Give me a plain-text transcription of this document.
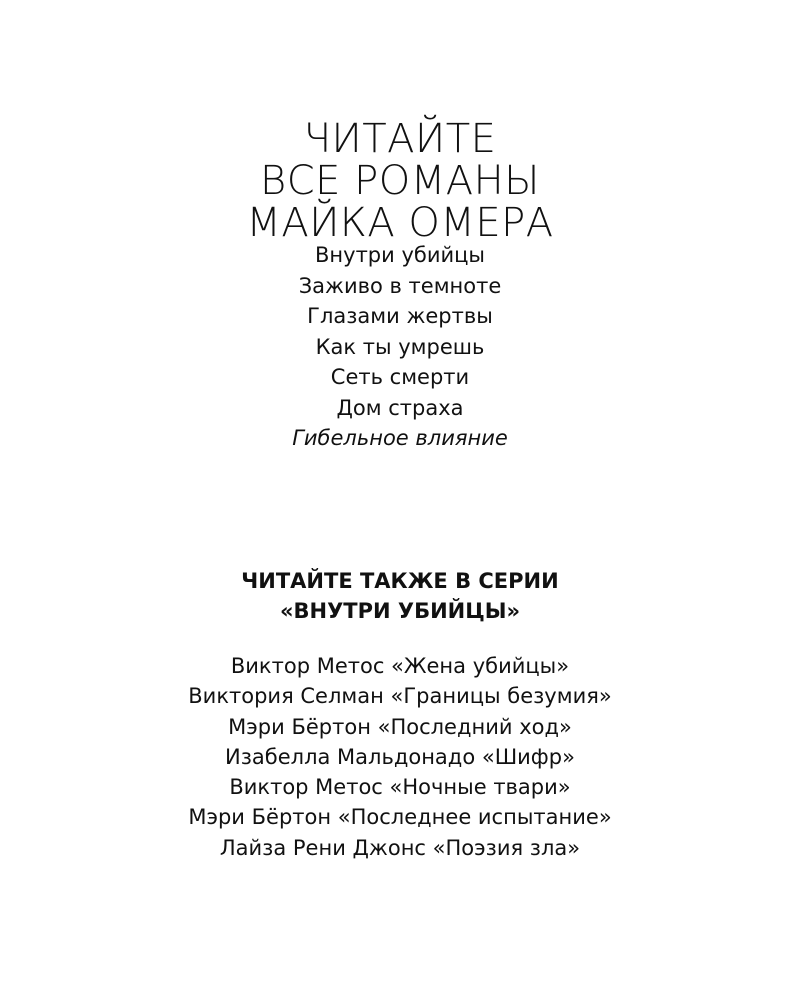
ЧИТАЙТЕ
ВСЕ РОМАНЫ
МАЙКА ОМЕРА
Внутри убийцы
Заживо в темноте
Глазами жертвы
Как ты умрешь
Сеть смерти
Дом страха
Гибельное влияние
ЧИТАЙТЕ ТАКЖЕ В СЕРИИ
«ВНУТРИ УБИЙЦЫ»
Виктор Метос «Жена убийцы»
Виктория Селман «Границы безумия»
Мэри Бёртон «Последний ход»
Изабелла Мальдонадо «Шифр»
Виктор Метос «Ночные твари»
Мэри Бёртон «Последнее испытание»
Лайза Рени Джонс «Поэзия зла»
